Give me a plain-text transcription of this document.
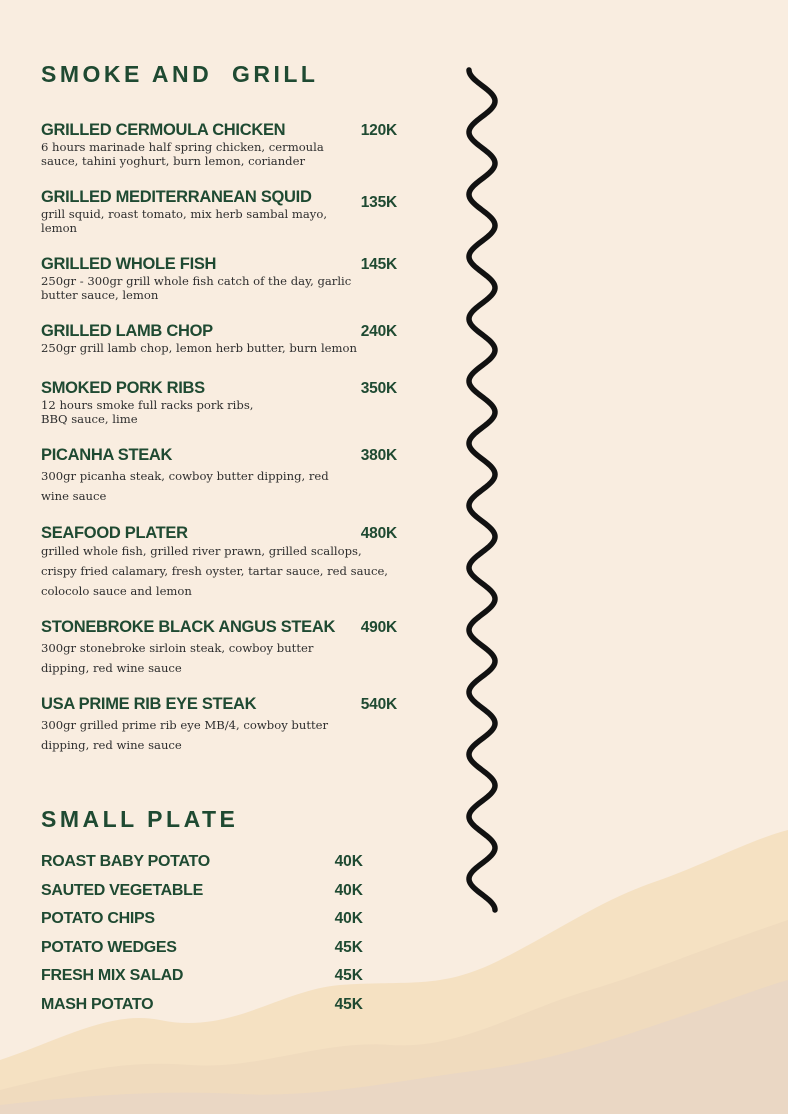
SMOKE AND  GRILL
GRILLED CERMOULA CHICKEN	120K
6 hours marinade half spring chicken, cermoula sauce, tahini yoghurt, burn lemon, coriander
GRILLED MEDITERRANEAN SQUID	135K
grill squid, roast tomato, mix herb sambal mayo, lemon
GRILLED WHOLE FISH	145K
250gr - 300gr grill whole fish catch of the day, garlic butter sauce, lemon
GRILLED LAMB CHOP	240K
250gr grill lamb chop, lemon herb butter, burn lemon
SMOKED PORK RIBS	350K
12 hours smoke full racks pork ribs, BBQ sauce, lime
PICANHA STEAK	380K
300gr picanha steak, cowboy butter dipping, red wine sauce
SEAFOOD PLATER	480K
grilled whole fish, grilled river prawn, grilled scallops, crispy fried calamary, fresh oyster, tartar sauce, red sauce, colocolo sauce and lemon
STONEBROKE BLACK ANGUS STEAK	490K
300gr stonebroke sirloin steak, cowboy butter dipping, red wine sauce
USA PRIME RIB EYE STEAK	540K
300gr grilled prime rib eye MB/4, cowboy butter dipping, red wine sauce
SMALL PLATE
ROAST BABY POTATO	40K
SAUTED VEGETABLE	40K
POTATO CHIPS	40K
POTATO WEDGES	45K
FRESH MIX SALAD	45K
MASH POTATO	45K
